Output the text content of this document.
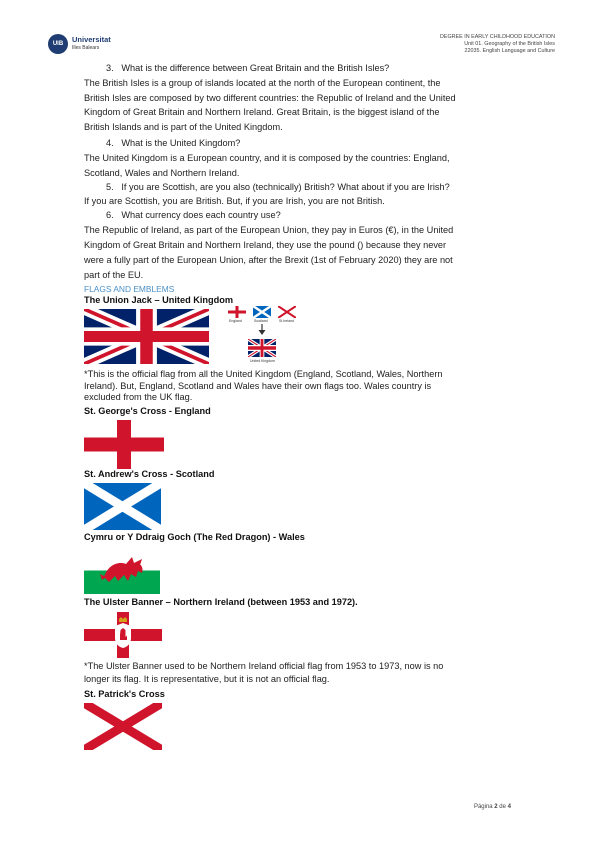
UIB	Universitat
Illes Balears
DEGREE IN EARLY CHILDHOOD EDUCATION
Unit 01. Geography of the British Isles
22035. English Language and Culture
3. What is the difference between Great Britain and the British Isles?
The British Isles is a group of islands located at the north of the European continent, the
British Isles are composed by two different countries: the Republic of Ireland and the United
Kingdom of Great Britain and Northern Ireland. Great Britain, is the biggest island of the
British Islands and is part of the United Kingdom.
4. What is the United Kingdom?
The United Kingdom is a European country, and it is composed by the countries: England,
Scotland, Wales and Northern Ireland.
5. If you are Scottish, are you also (technically) British? What about if you are Irish?
If you are Scottish, you are British. But, if you are Irish, you are not British.
6. What currency does each country use?
The Republic of Ireland, as part of the European Union, they pay in Euros (€), in the United
Kingdom of Great Britain and Northern Ireland, they use the pound () because they never
were a fully part of the European Union, after the Brexit (1st of February 2020) they are not
part of the EU.
FLAGS AND EMBLEMS
The Union Jack – United Kingdom
England	Scotland	St Ireland
United Kingdom
*This is the official flag from all the United Kingdom (England, Scotland, Wales, Northern
Ireland). But, England, Scotland and Wales have their own flags too. Wales country is
excluded from the UK flag.
St. George's Cross - England
St. Andrew's Cross - Scotland
Cymru or Y Ddraig Goch (The Red Dragon) - Wales
The Ulster Banner – Northern Ireland (between 1953 and 1972).
*The Ulster Banner used to be Northern Ireland official flag from 1953 to 1973, now is no
longer its flag. It is representative, but it is not an official flag.
St. Patrick's Cross
Página 2 de 4
